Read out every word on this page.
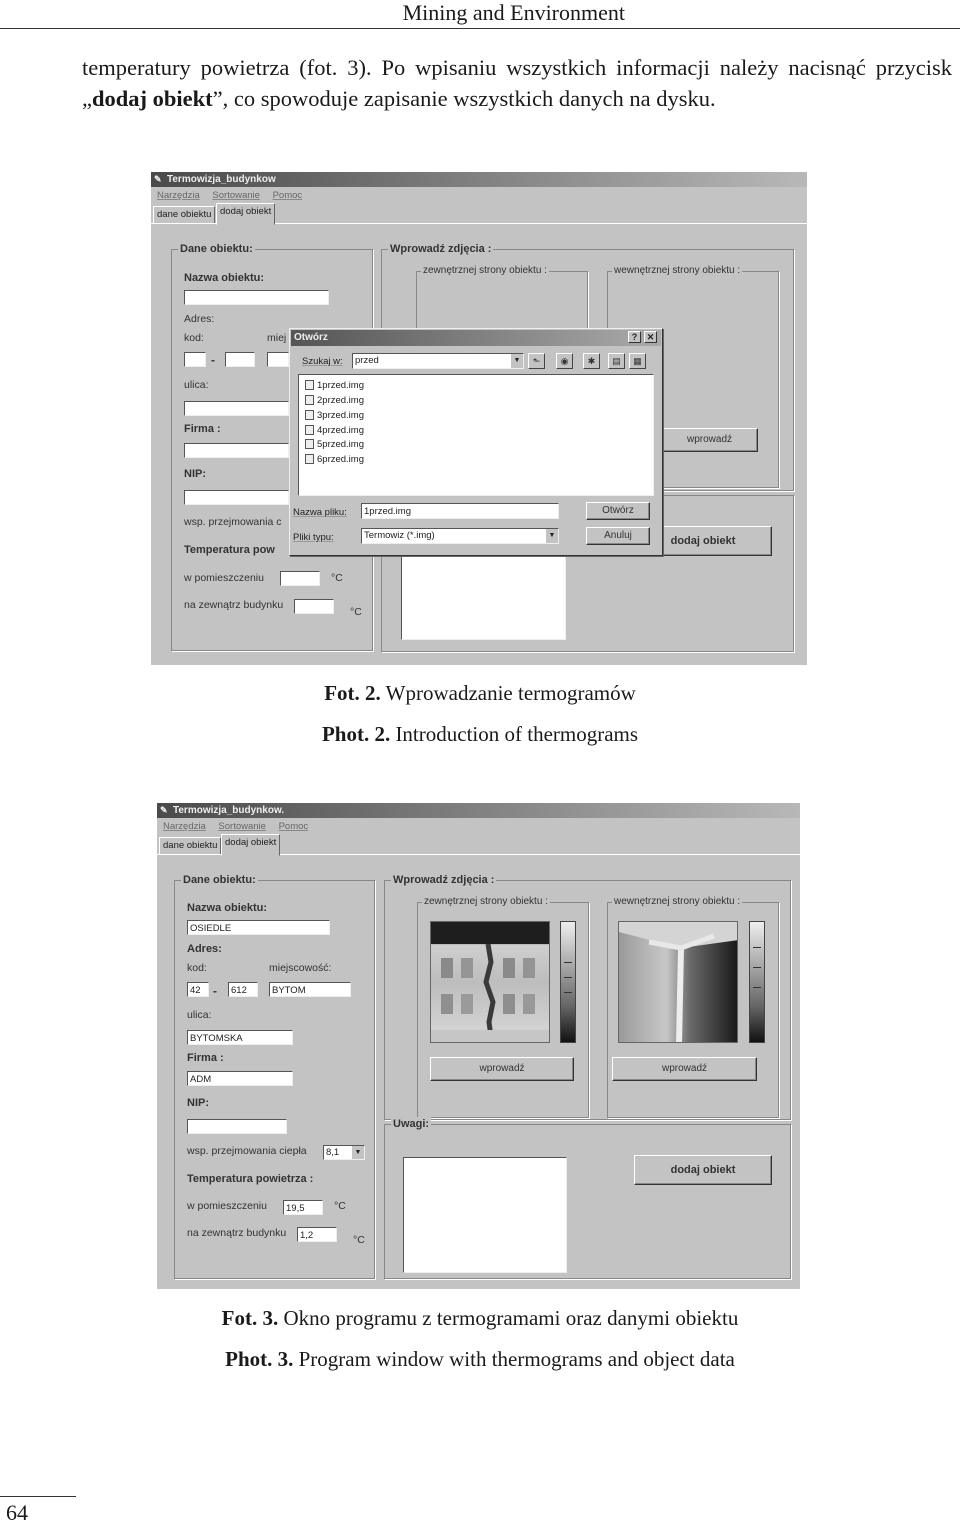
Mining and Environment

temperatury powietrza (fot. 3). Po wpisaniu wszystkich informacji należy nacisnąć przycisk „dodaj obiekt”, co spowoduje zapisanie wszystkich danych na dysku.

✎ Termowizja_budynkow
Narzędzia Sortowanie Pomoc
dane obiektu dodaj obiekt
Dane obiektu:
Nazwa obiektu:
Adres:
kod:	miej
-
ulica:
Firma :
NIP:
wsp. przejmowania c
Temperatura pow
w pomieszczeniu	°C
na zewnątrz budynku
°C
Wprowadź zdjęcia :
zewnętrznej strony obiektu :	wewnętrznej strony obiektu :
wprowadź
dodaj obiekt
Otwórz	?	✕
Szukaj w:	przed	▼	⬑	◉	✱	▤	▦
1przed.img
2przed.img
3przed.img
4przed.img
5przed.img
6przed.img
Nazwa pliku:	1przed.img	Otwórz
Pliki typu:	Termowiz (*.img)	▼	Anuluj
Fot. 2. Wprowadzanie termogramów
Phot. 2. Introduction of thermograms
✎ Termowizja_budynkow.
Narzędzia Sortowanie Pomoc
dane obiektu dodaj obiekt
Dane obiektu:
Nazwa obiektu:
OSIEDLE
Adres:
kod:	miejscowość:
42	-	612	BYTOM
ulica:
BYTOMSKA
Firma :
ADM
NIP:
wsp. przejmowania ciepła	8,1	▼
Temperatura powietrza :
w pomieszczeniu	19,5	°C
na zewnątrz budynku	1,2	°C
Wprowadź zdjęcia :
zewnętrznej strony obiektu :	wewnętrznej strony obiektu :
wprowadź	wprowadź
Uwagi:
dodaj obiekt
Fot. 3. Okno programu z termogramami oraz danymi obiektu
Phot. 3. Program window with thermograms and object data
64
